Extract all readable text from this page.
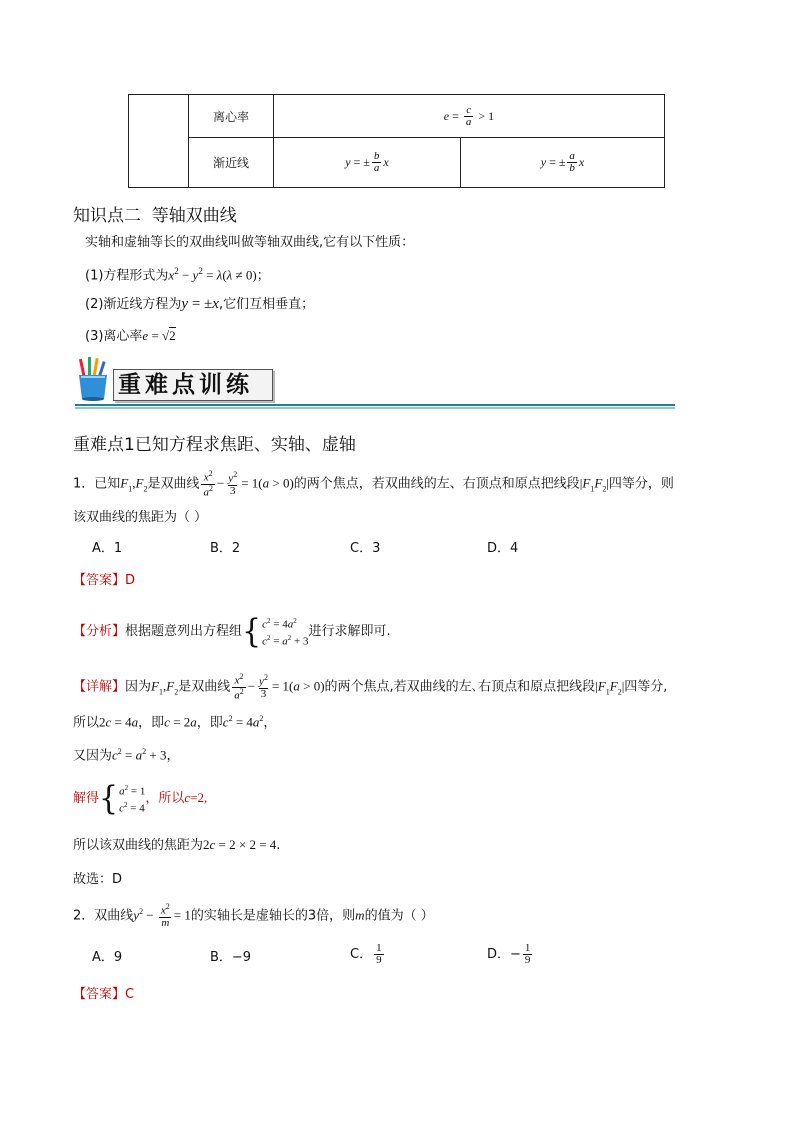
	离心率	$e = \frac{c}{a} > 1$	
	渐近线	y = ± $\frac{b}{a}$ x	y = ± $\frac{a}{b}$ x
知识点二  等轴双曲线
实轴和虚轴等长的双曲线叫做等轴双曲线,它有以下性质：
(1)方程形式为$x^2 - y^2 = \lambda(\lambda \ne 0)$；
(2)渐近线方程为y = ±x,它们互相垂直；
(3)离心率e = √2
重难点训练
重难点1已知方程求焦距、实轴、虚轴
1．已知$F_1,F_2$是双曲线 $\frac{x^2}{a^2} - \frac{y^2}{3} = 1(a > 0)$的两个焦点，若双曲线的左、右顶点和原点把线段$|F_1F_2|$四等分，则
该双曲线的焦距为（ ）
A．1	B．2	C．3	D．4
【答案】D
【分析】根据题意列出方程组 { $c^2 = 4a^2$
$c^2 = a^2 + 3$
进行求解即可.
【详解】因为$F_1,F_2$是双曲线 $\frac{x^2}{a^2} - \frac{y^2}{3} = 1(a > 0)$的两个焦点,若双曲线的左､右顶点和原点把线段$|F_1F_2|$四等分,
所以2c = 4a，即c = 2a，即$c^2 = 4a^2$，
又因为$c^2 = a^2 + 3$，
解得 { $a^2 = 1$
$c^2 = 4$
，所以c=2,
所以该双曲线的焦距为2c = 2 × 2 = 4.
故选：D
2．双曲线$y^2 - \frac{x^2}{m} = 1$的实轴长是虚轴长的3倍，则m的值为（ ）
A．9	B．−9	C． $\frac{1}{9}$	D．− $\frac{1}{9}$
【答案】C
